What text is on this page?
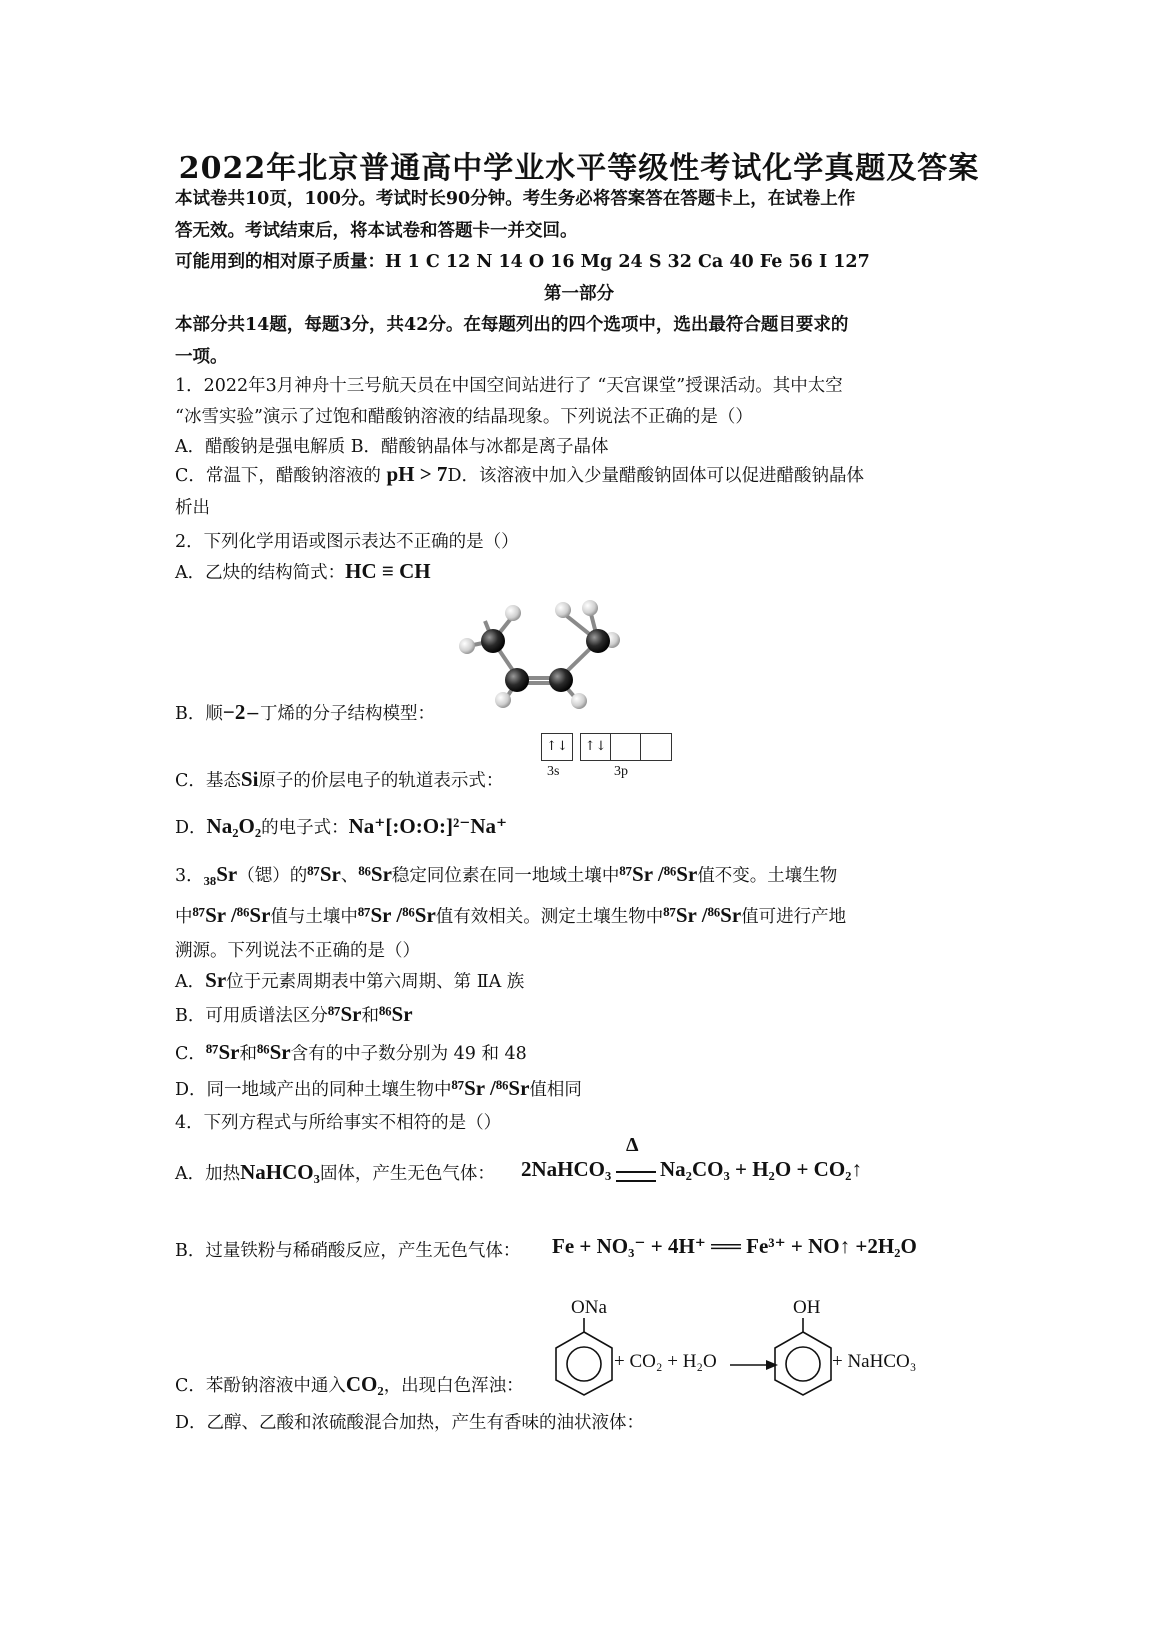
2022年北京普通高中学业水平等级性考试化学真题及答案
本试卷共10页，100分。考试时长90分钟。考生务必将答案答在答题卡上，在试卷上作
答无效。考试结束后，将本试卷和答题卡一并交回。
可能用到的相对原子质量：H 1 C 12 N 14 O 16 Mg 24 S 32 Ca 40 Fe 56 I 127
第一部分
本部分共14题，每题3分，共42分。在每题列出的四个选项中，选出最符合题目要求的
一项。
1．2022年3月神舟十三号航天员在中国空间站进行了 “天宫课堂”授课活动。其中太空
“冰雪实验”演示了过饱和醋酸钠溶液的结晶现象。下列说法不正确的是（）
A．醋酸钠是强电解质 B．醋酸钠晶体与冰都是离子晶体
C．常温下，醋酸钠溶液的 pH > 7D．该溶液中加入少量醋酸钠固体可以促进醋酸钠晶体
析出
2．下列化学用语或图示表达不正确的是（）
A．乙炔的结构简式：HC ≡ CH
B．顺−2−丁烯的分子结构模型：
↑↓	↑↓
3s	3p
C．基态Si原子的价层电子的轨道表示式：
D．Na₂O₂的电子式：Na⁺[:O:O:]²⁻Na⁺
3．₃₈Sr（锶）的⁸⁷Sr、⁸⁶Sr稳定同位素在同一地域土壤中⁸⁷Sr /⁸⁶Sr值不变。土壤生物
中⁸⁷Sr /⁸⁶Sr值与土壤中⁸⁷Sr /⁸⁶Sr值有效相关。测定土壤生物中⁸⁷Sr /⁸⁶Sr值可进行产地
溯源。下列说法不正确的是（）
A．Sr位于元素周期表中第六周期、第 ⅡA 族
B．可用质谱法区分⁸⁷Sr和⁸⁶Sr
C．⁸⁷Sr和⁸⁶Sr含有的中子数分别为 49 和 48
D．同一地域产出的同种土壤生物中⁸⁷Sr /⁸⁶Sr值相同
4．下列方程式与所给事实不相符的是（）
A．加热NaHCO₃固体，产生无色气体： 2NaHCO₃
Δ
Na₂CO₃ + H₂O + CO₂↑
B．过量铁粉与稀硝酸反应，产生无色气体： Fe + NO₃⁻ + 4H⁺ ══ Fe³⁺ + NO↑ +2H₂O
ONa
+ CO₂ + H₂O →
OH
+ NaHCO₃
C．苯酚钠溶液中通入CO₂，出现白色浑浊：
D．乙醇、乙酸和浓硫酸混合加热，产生有香味的油状液体：
